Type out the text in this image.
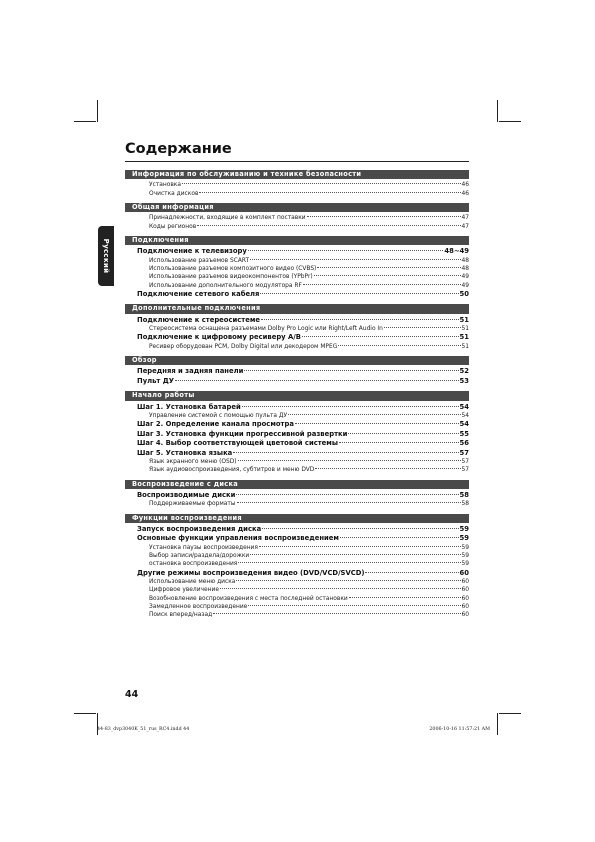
Содержание
Русский
Информация по обслуживанию и технике безопасности
Установка	46
Очистка дисков	46
Общая информация
Принадлежности, входящие в комплект поставки	47
Коды регионов	47
Подключения
Подключение к телевизору	48~49
Использование разъемов SCART	48
Использование разъемов композитного видео (CVBS)	48
Использование разъемов видеокомпонентов (YPbPr)	49
Использование дополнительного модулятора RF	49
Подключение сетевого кабеля	50
Дополнительные подключения
Подключение к стереосистеме	51
Стереосистема оснащена разъемами Dolby Pro Logic или Right/Left Audio In	51
Подключение к цифровому ресиверу A/B	51
Ресивер оборудован PCM, Dolby Digital или декодером MPEG	51
Обзор
Передняя и задняя панели	52
Пульт ДУ	53
Начало работы
Шаг 1. Установка батарей	54
Управление системой с помощью пульта ДУ	54
Шаг 2. Определение канала просмотра	54
Шаг 3. Установка функции прогрессивной развертки	55
Шаг 4. Выбор соответствующей цветовой системы	56
Шаг 5. Установка языка	57
Язык экранного меню (OSD)	57
Язык аудиовоспроизведения, субтитров и меню DVD	57
Воспроизведение с диска
Воспроизводимые диски	58
Поддерживаемые форматы	58
Функции воспроизведения
Запуск воспроизведения диска	59
Основные функции управления воспроизведением	59
Установка паузы воспроизведения	59
Выбор записи/раздела/дорожки	59
остановка воспроизведения	59
Другие режимы воспроизведения видео (DVD/VCD/SVCD)	60
Использование меню диска	60
Цифровое увеличение	60
Возобновление воспроизведения с места последней остановки	60
Замедленное воспроизведение	60
Поиск вперед/назад	60

44

44-83_dvp3040K_51_rus_RC4.indd 44	2006-10-16 11:57:21 AM
